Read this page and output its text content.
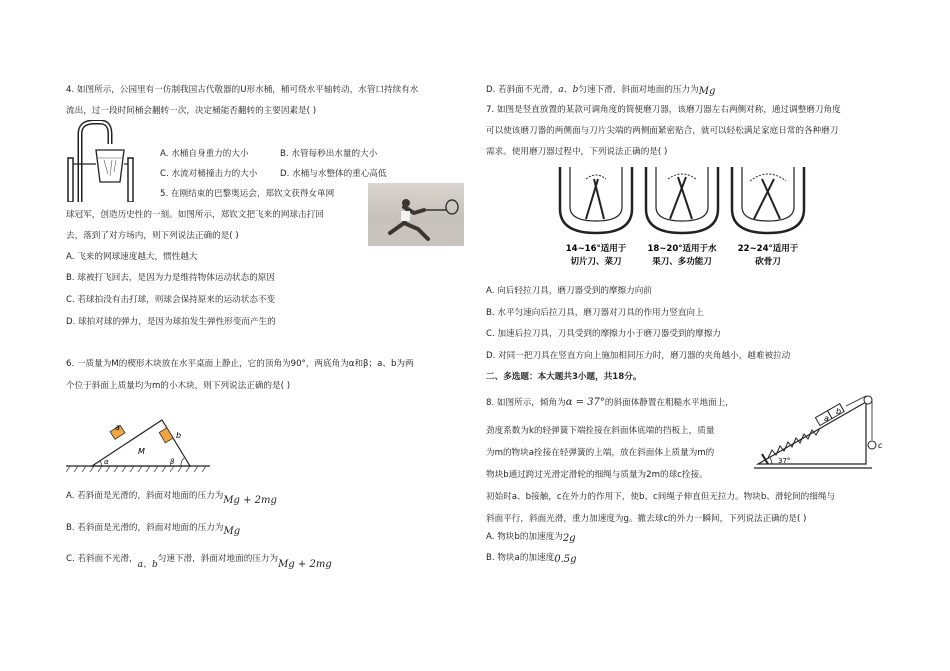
4. 如图所示，公园里有一仿制我国古代敬器的U形水桶，桶可绕水平轴转动，水管口持续有水
流出，过一段时间桶会翻转一次，决定桶能否翻转的主要因素是( )
A. 水桶自身重力的大小	B. 水管每秒出水量的大小
C. 水流对桶撞击力的大小	D. 水桶与水整体的重心高低
5. 在刚结束的巴黎奥运会，郑钦文获得女单网
球冠军，创造历史性的一刻。如图所示，郑钦文把飞来的网球击打回
去，落到了对方场内，则下列说法正确的是( )
A. 飞来的网球速度越大，惯性越大
B. 球被打飞回去，是因为力是维持物体运动状态的原因
C. 若球拍没有击打球，则球会保持原来的运动状态不变
D. 球拍对球的弹力，是因为球拍发生弹性形变而产生的
6. 一质量为M的楔形木块放在水平桌面上静止，它的顶角为90°，两底角为α和β；a、b为两
个位于斜面上质量均为m的小木块，则下列说法正确的是( )
a
b
M
α	β
A. 若斜面是光滑的，斜面对地面的压力为Mg + 2mg
B. 若斜面是光滑的，斜面对地面的压力为Mg
C. 若斜面不光滑，a、b匀速下滑，斜面对地面的压力为Mg + 2mg
D. 若斜面不光滑，a、b匀速下滑，斜面对地面的压力为Mg
7. 如图是竖直放置的某款可调角度的简便磨刀器，该磨刀器左右两侧对称，通过调整磨刀角度
可以使该磨刀器的两侧面与刀片尖端的两侧面紧密贴合，就可以轻松满足家庭日常的各种磨刀
需求。使用磨刀器过程中，下列说法正确的是( )
14~16°适用于
切片刀、菜刀
18~20°适用于水
果刀、多功能刀
22~24°适用于
砍骨刀
A. 向后轻拉刀具，磨刀器受到的摩擦力向前
B. 水平匀速向后拉刀具，磨刀器对刀具的作用力竖直向上
C. 加速后拉刀具，刀具受到的摩擦力小于磨刀器受到的摩擦力
D. 对同一把刀具在竖直方向上施加相同压力时，磨刀器的夹角越小，越难被拉动
二、多选题：本大题共3小题，共18分。
8. 如图所示，倾角为α = 37°的斜面体静置在粗糙水平地面上，
劲度系数为k的轻弹簧下端拴接在斜面体底端的挡板上，质量
为m的物块a拴接在轻弹簧的上端，放在斜面体上质量为m的
物块b通过跨过光滑定滑轮的细绳与质量为2m的球c拴接。
a
b
c
37°
初始时a、b接触，c在外力的作用下，使b、c间绳子伸直但无拉力。物块b、滑轮间的细绳与
斜面平行，斜面光滑，重力加速度为g。撤去球c的外力一瞬间，下列说法正确的是( )
A. 物块b的加速度为2g
B. 物块a的加速度0.5g
